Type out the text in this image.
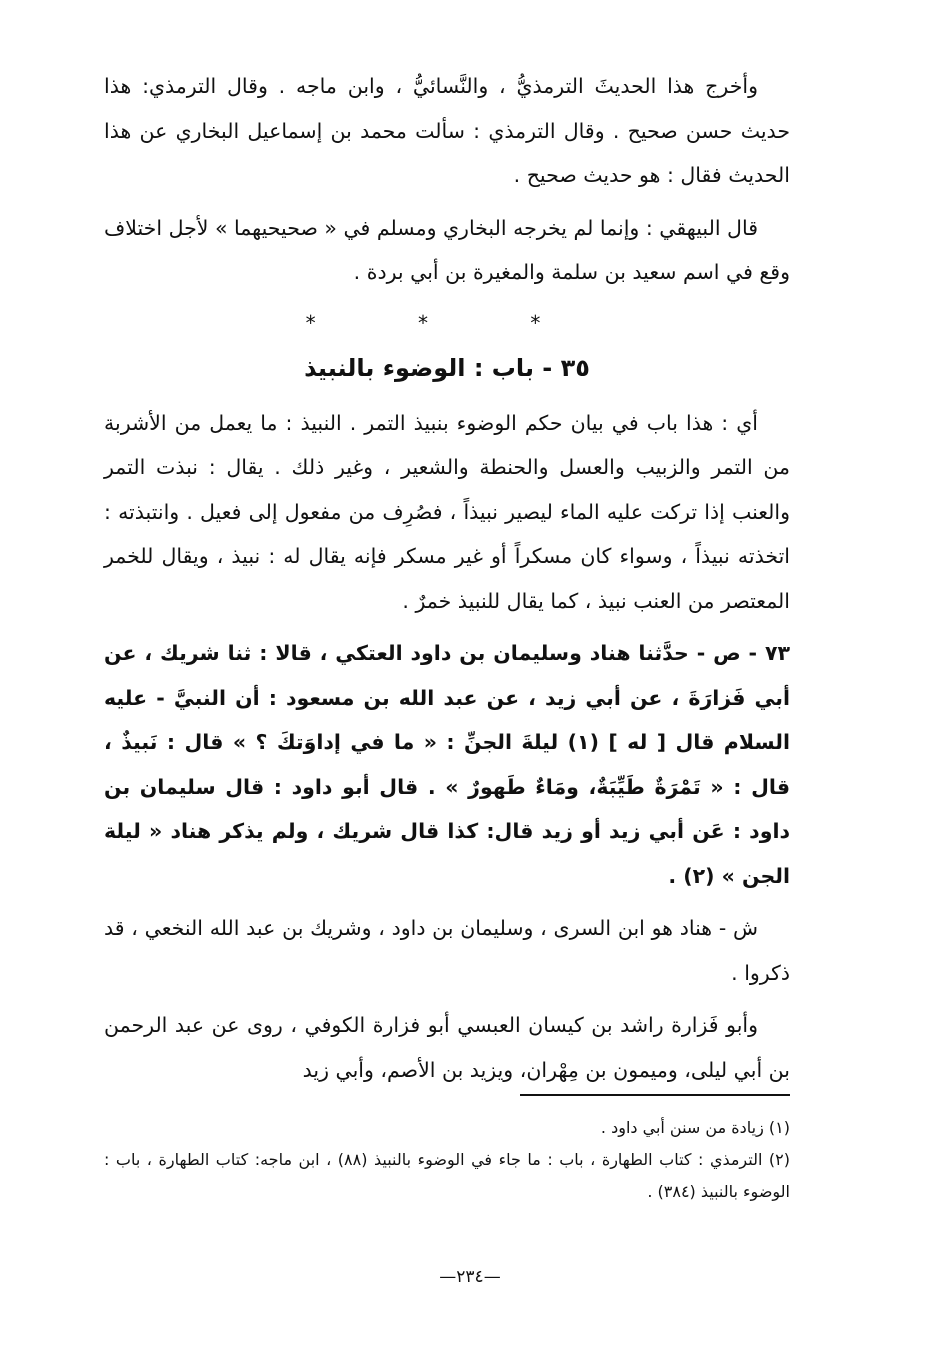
وأخرج هذا الحديثَ الترمذيُّ ، والنَّسائيُّ ، وابن ماجه . وقال الترمذي: هذا حديث حسن صحيح . وقال الترمذي : سألت محمد بن إسماعيل البخاري عن هذا الحديث فقال : هو حديث صحيح .

قال البيهقي : وإنما لم يخرجه البخاري ومسلم في « صحيحيهما » لأجل اختلاف وقع في اسم سعيد بن سلمة والمغيرة بن أبي بردة .

* * *
٣٥ - باب : الوضوء بالنبيذ

أي : هذا باب في بيان حكم الوضوء بنبيذ التمر . النبيذ : ما يعمل من الأشربة من التمر والزبيب والعسل والحنطة والشعير ، وغير ذلك . يقال : نبذت التمر والعنب إذا تركت عليه الماء ليصير نبيذاً ، فصُرِف من مفعول إلى فعيل . وانتبذته : اتخذته نبيذاً ، وسواء كان مسكراً أو غير مسكر فإنه يقال له : نبيذ ، ويقال للخمر المعتصر من العنب نبيذ ، كما يقال للنبيذ خمرٌ .

٧٣ - ص - حدَّثنا هناد وسليمان بن داود العتكي ، قالا : ثنا شريك ، عن أبي فَزارَةَ ، عن أبي زيد ، عن عبد الله بن مسعود : أن النبيَّ - عليه السلام قال [ له ] (١) ليلةَ الجنِّ : « ما في إداوَتكَ ؟ » قال : نَبيذٌ ، قال : « تَمْرَةٌ طَيِّبَةٌ، ومَاءٌ طَهورٌ » . قال أبو داود : قال سليمان بن داود : عَن أبي زيد أو زيد قال: كذا قال شريك ، ولم يذكر هناد « ليلة الجن » (٢) .

ش - هناد هو ابن السرى ، وسليمان بن داود ، وشريك بن عبد الله النخعي ، قد ذكروا .

وأبو فَزارة راشد بن كيسان العبسي أبو فزارة الكوفي ، روى عن عبد الرحمن بن أبي ليلى، وميمون بن مِهْران، ويزيد بن الأصم، وأبي زيد

(١) زيادة من سنن أبي داود .

(٢) الترمذي : كتاب الطهارة ، باب : ما جاء في الوضوء بالنبيذ (٨٨) ، ابن ماجه: كتاب الطهارة ، باب : الوضوء بالنبيذ (٣٨٤) .

—٢٣٤—
